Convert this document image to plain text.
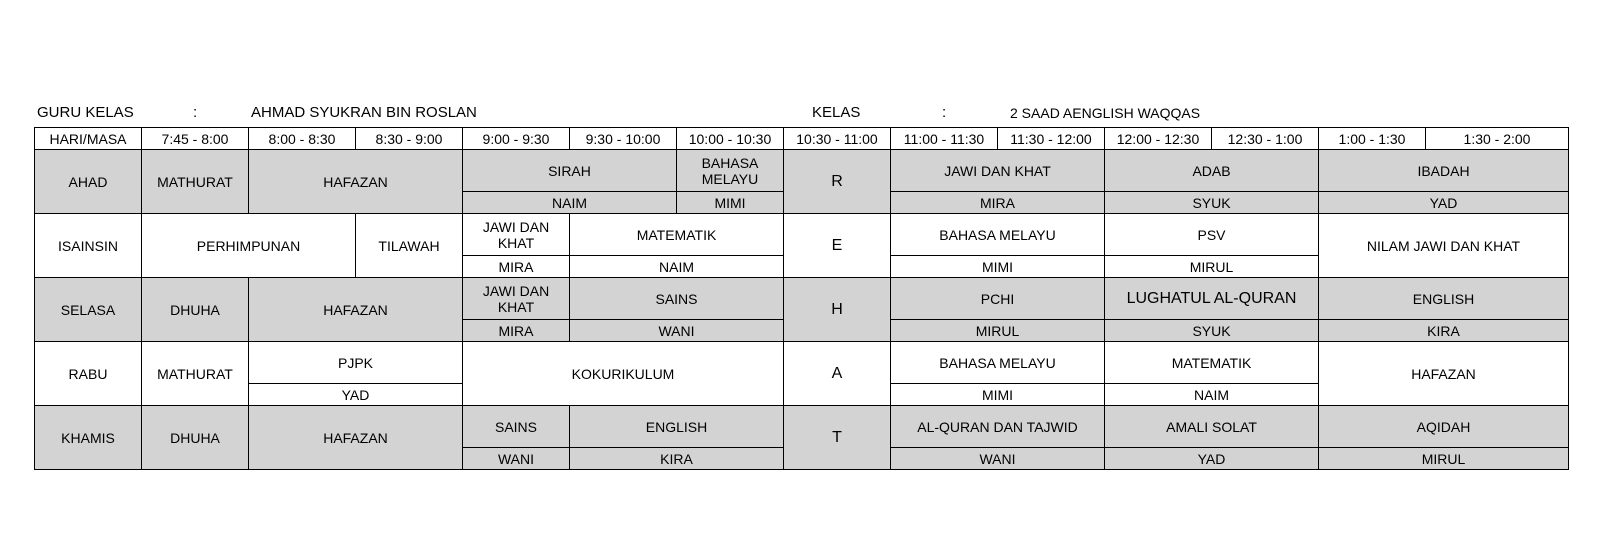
GURU KELAS	:	AHMAD SYUKRAN BIN ROSLAN	KELAS	:	2 SAAD AENGLISH WAQQAS
HARI/MASA	7:45 - 8:00	8:00 - 8:30	8:30 - 9:00	9:00 - 9:30	9:30 - 10:00	10:00 - 10:30	10:30 - 11:00	11:00 - 11:30	11:30 - 12:00	12:00 - 12:30	12:30 - 1:00	1:00 - 1:30	1:30 - 2:00
AHAD	MATHURAT	HAFAZAN		SIRAH		BAHASA MELAYU	R	JAWI DAN KHAT		ADAB		IBADAH	
				NAIM		MIMI		MIRA		SYUK		YAD	
ISAINSIN	PERHIMPUNAN		TILAWAH	JAWI DAN KHAT	MATEMATIK		E	BAHASA MELAYU		PSV		NILAM JAWI DAN KHAT	
				MIRA	NAIM			MIMI		MIRUL			
SELASA	DHUHA	HAFAZAN		JAWI DAN KHAT	SAINS		H	PCHI		LUGHATUL AL-QURAN		ENGLISH	
				MIRA	WANI			MIRUL		SYUK		KIRA	
RABU	MATHURAT	PJPK		KOKURIKULUM			A	BAHASA MELAYU		MATEMATIK		HAFAZAN	
		YAD						MIMI		NAIM			
KHAMIS	DHUHA	HAFAZAN		SAINS	ENGLISH		T	AL-QURAN DAN TAJWID		AMALI SOLAT		AQIDAH	
				WANI	KIRA			WANI		YAD		MIRUL	
